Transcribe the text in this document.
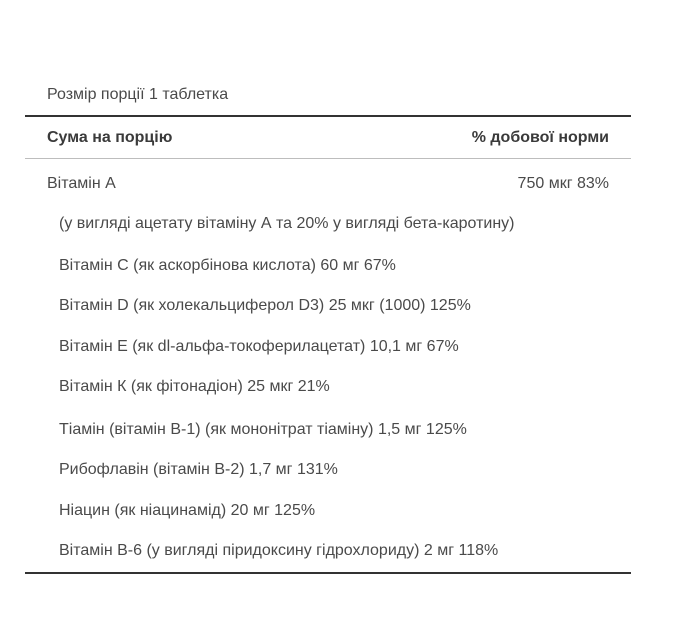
Розмір порції 1 таблетка
Сума на порцію	% добової норми
Вітамін А	750 мкг 83%
(у вигляді ацетату вітаміну А та 20% у вигляді бета-каротину)
Вітамін С (як аскорбінова кислота) 60 мг 67%
Вітамін D (як холекальциферол D3) 25 мкг (1000) 125%
Вітамін Е (як dl-альфа-токоферилацетат) 10,1 мг 67%
Вітамін К (як фітонадіон) 25 мкг 21%
Тіамін (вітамін В-1) (як мононітрат тіаміну) 1,5 мг 125%
Рибофлавін (вітамін В-2) 1,7 мг 131%
Ніацин (як ніацинамід) 20 мг 125%
Вітамін В-6 (у вигляді піридоксину гідрохлориду) 2 мг 118%
